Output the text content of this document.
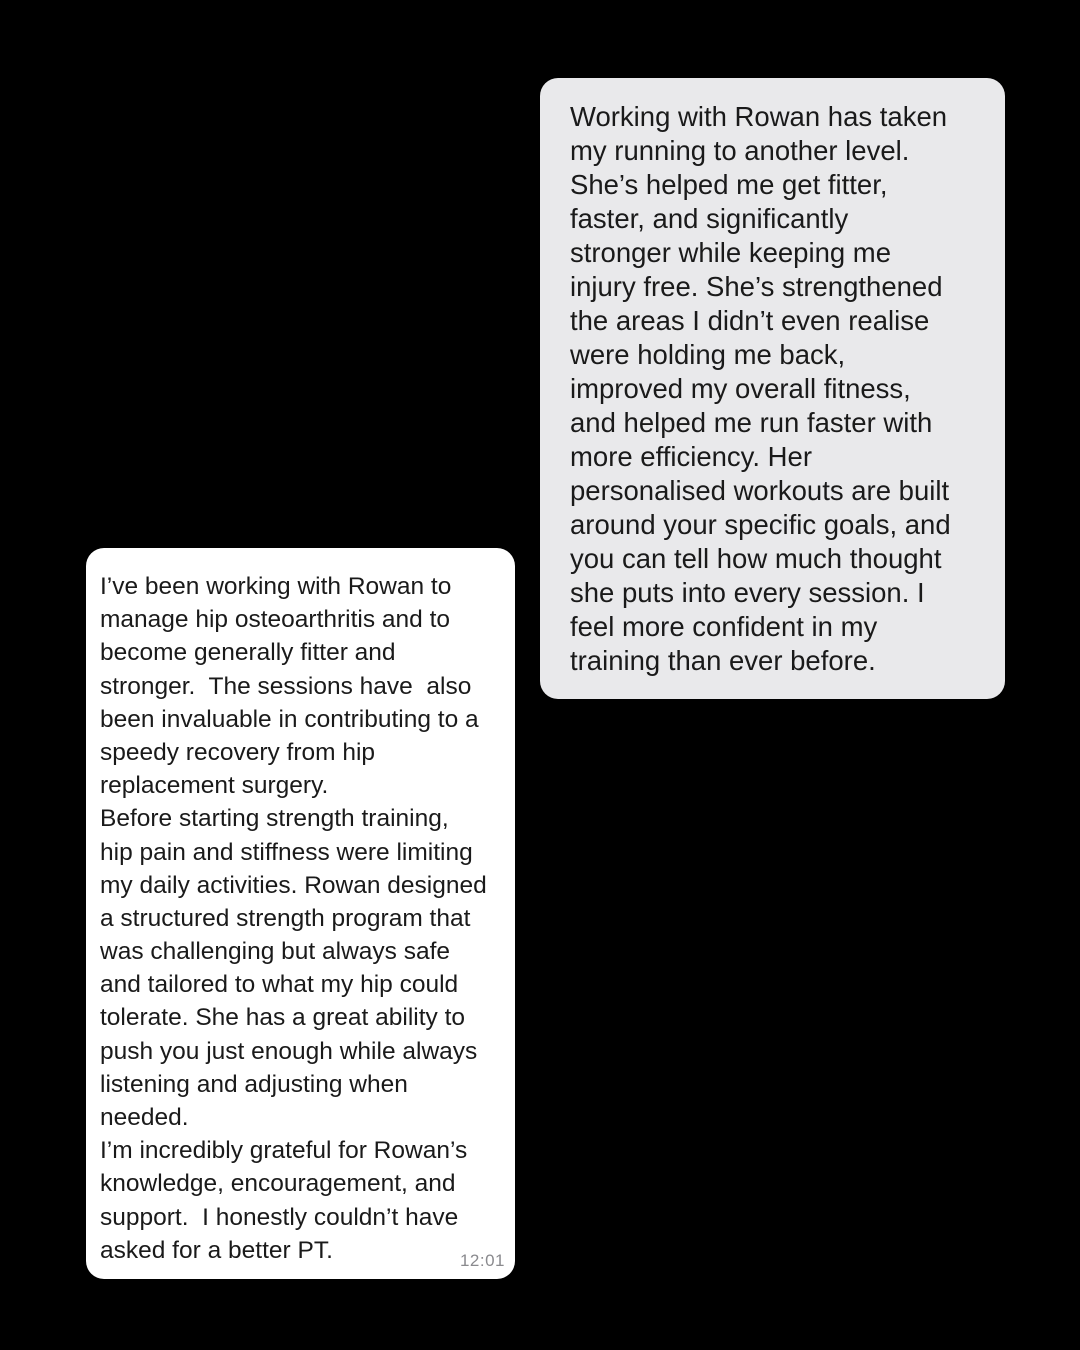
Working with Rowan has taken
my running to another level.
She’s helped me get fitter,
faster, and significantly
stronger while keeping me
injury free. She’s strengthened
the areas I didn’t even realise
were holding me back,
improved my overall fitness,
and helped me run faster with
more efficiency. Her
personalised workouts are built
around your specific goals, and
you can tell how much thought
she puts into every session. I
feel more confident in my
training than ever before.
I’ve been working with Rowan to
manage hip osteoarthritis and to
become generally fitter and
stronger.  The sessions have  also
been invaluable in contributing to a
speedy recovery from hip
replacement surgery.
Before starting strength training,
hip pain and stiffness were limiting
my daily activities. Rowan designed
a structured strength program that
was challenging but always safe
and tailored to what my hip could
tolerate. She has a great ability to
push you just enough while always
listening and adjusting when
needed.
I’m incredibly grateful for Rowan’s
knowledge, encouragement, and
support.  I honestly couldn’t have
asked for a better PT.	12:01
